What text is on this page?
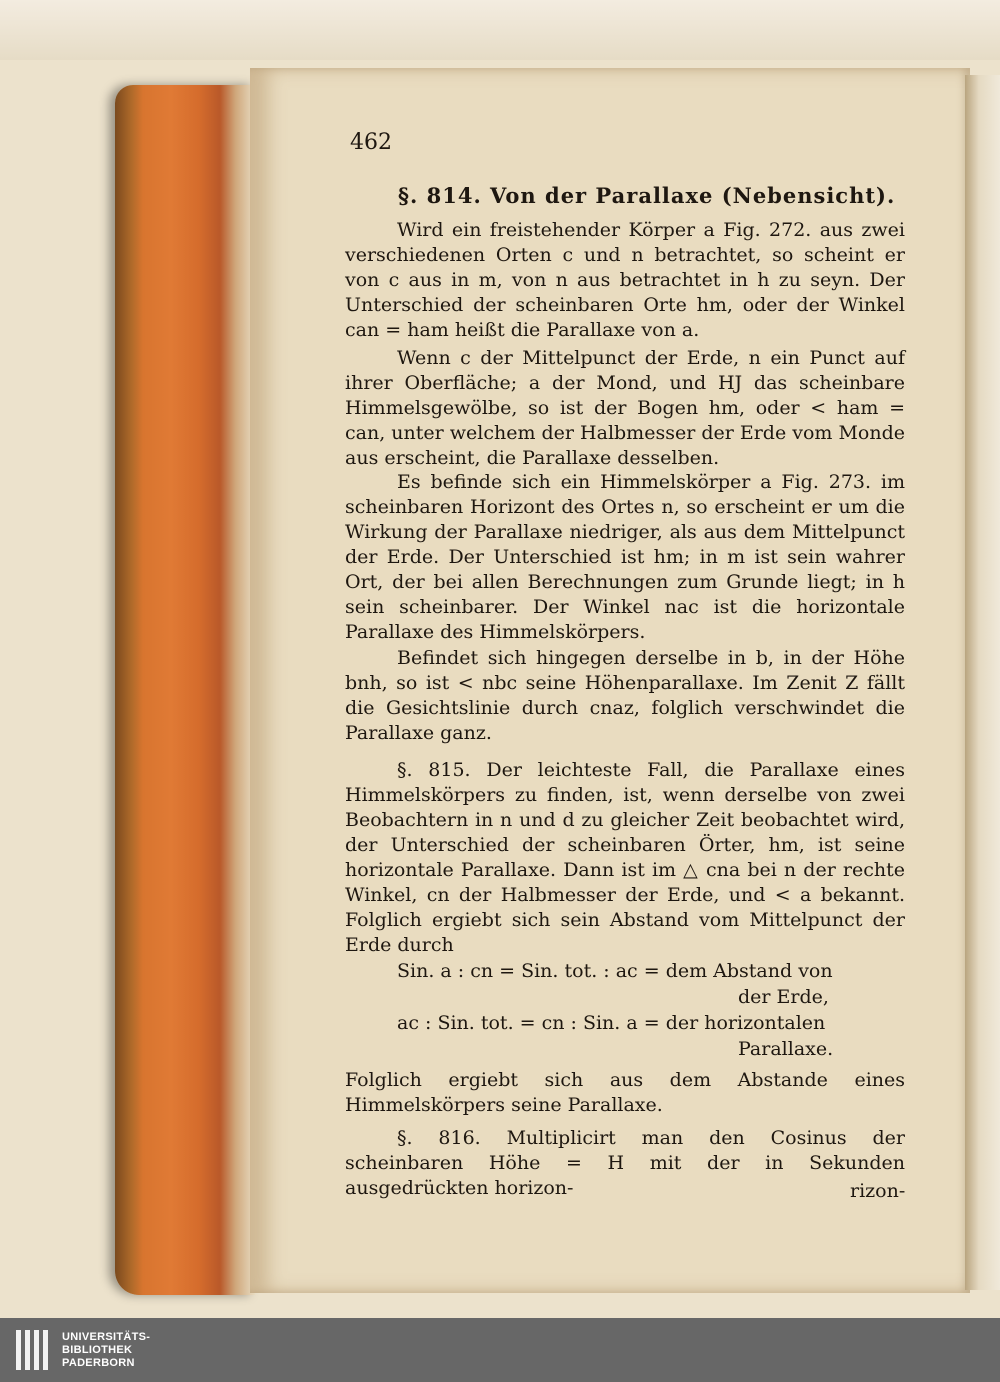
462
§. 814. Von der Parallaxe (Nebensicht).
Wird ein freistehender Körper a Fig. 272. aus zwei verschiedenen Orten c und n betrachtet, so scheint er von c aus in m, von n aus betrachtet in h zu seyn. Der Unterschied der scheinbaren Orte hm, oder der Winkel can = ham heißt die Parallaxe von a.
Wenn c der Mittelpunct der Erde, n ein Punct auf ihrer Oberfläche; a der Mond, und HJ das scheinbare Himmelsgewölbe, so ist der Bogen hm, oder < ham = can, unter welchem der Halbmesser der Erde vom Monde aus erscheint, die Parallaxe desselben.
Es befinde sich ein Himmelskörper a Fig. 273. im scheinbaren Horizont des Ortes n, so erscheint er um die Wirkung der Parallaxe niedriger, als aus dem Mittelpunct der Erde. Der Unterschied ist hm; in m ist sein wahrer Ort, der bei allen Berechnungen zum Grunde liegt; in h sein scheinbarer. Der Winkel nac ist die horizontale Parallaxe des Himmelskörpers.
Befindet sich hingegen derselbe in b, in der Höhe bnh, so ist < nbc seine Höhenparallaxe. Im Zenit Z fällt die Gesichtslinie durch cnaz, folglich verschwindet die Parallaxe ganz.
§. 815. Der leichteste Fall, die Parallaxe eines Himmelskörpers zu finden, ist, wenn derselbe von zwei Beobachtern in n und d zu gleicher Zeit beobachtet wird, der Unterschied der scheinbaren Örter, hm, ist seine horizontale Parallaxe. Dann ist im △ cna bei n der rechte Winkel, cn der Halbmesser der Erde, und < a bekannt. Folglich ergiebt sich sein Abstand vom Mittelpunct der Erde durch
Sin. a : cn = Sin. tot. : ac = dem Abstand von
der Erde,
ac : Sin. tot. = cn : Sin. a = der horizontalen
Parallaxe.
Folglich ergiebt sich aus dem Abstande eines Himmelskörpers seine Parallaxe.
§. 816. Multiplicirt man den Cosinus der scheinbaren Höhe = H mit der in Sekunden ausgedrückten horizon-	rizon-
UNIVERSITÄTS-
BIBLIOTHEK
PADERBORN
